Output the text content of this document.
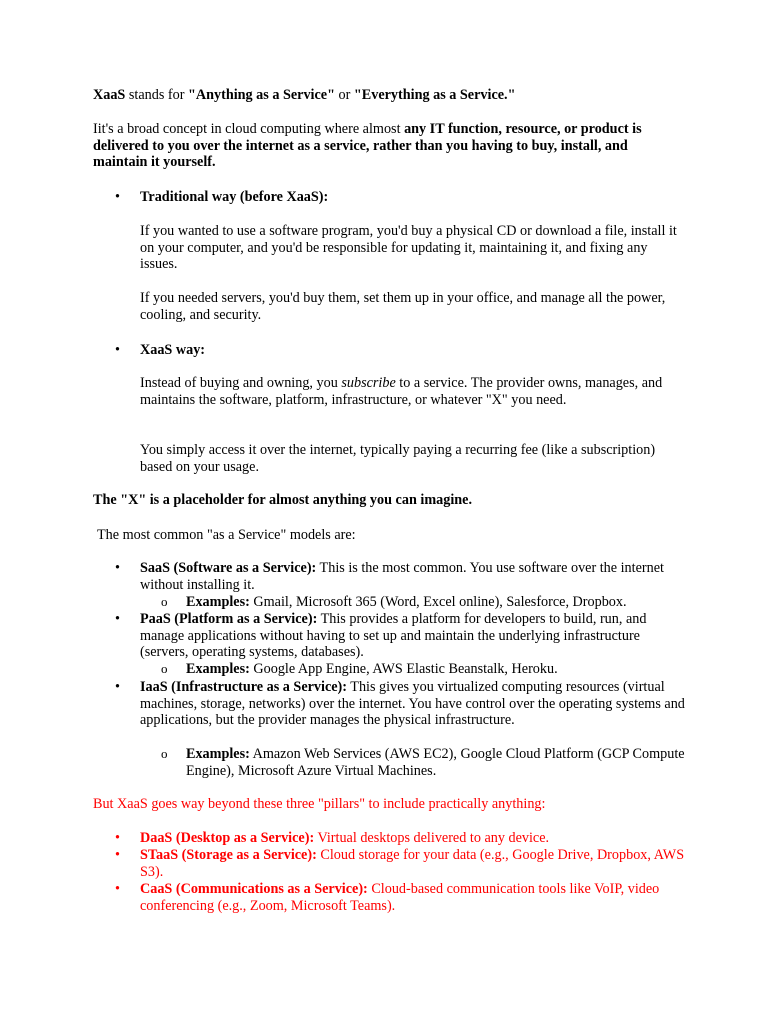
XaaS stands for "Anything as a Service" or "Everything as a Service."

Iit's a broad concept in cloud computing where almost any IT function, resource, or product is delivered to you over the internet as a service, rather than you having to buy, install, and maintain it yourself.

•	Traditional way (before XaaS):

If you wanted to use a software program, you'd buy a physical CD or download a file, install it on your computer, and you'd be responsible for updating it, maintaining it, and fixing any issues.

If you needed servers, you'd buy them, set them up in your office, and manage all the power, cooling, and security.

•	XaaS way:

Instead of buying and owning, you subscribe to a service. The provider owns, manages, and maintains the software, platform, infrastructure, or whatever "X" you need.

You simply access it over the internet, typically paying a recurring fee (like a subscription) based on your usage.

The "X" is a placeholder for almost anything you can imagine.

The most common "as a Service" models are:

•	SaaS (Software as a Service): This is the most common. You use software over the internet without installing it.

o	Examples: Gmail, Microsoft 365 (Word, Excel online), Salesforce, Dropbox.

•	PaaS (Platform as a Service): This provides a platform for developers to build, run, and manage applications without having to set up and maintain the underlying infrastructure (servers, operating systems, databases).

o	Examples: Google App Engine, AWS Elastic Beanstalk, Heroku.

•	IaaS (Infrastructure as a Service): This gives you virtualized computing resources (virtual machines, storage, networks) over the internet. You have control over the operating systems and applications, but the provider manages the physical infrastructure.

o	Examples: Amazon Web Services (AWS EC2), Google Cloud Platform (GCP Compute Engine), Microsoft Azure Virtual Machines.

But XaaS goes way beyond these three "pillars" to include practically anything:

•	DaaS (Desktop as a Service): Virtual desktops delivered to any device.

•	STaaS (Storage as a Service): Cloud storage for your data (e.g., Google Drive, Dropbox, AWS S3).

•	CaaS (Communications as a Service): Cloud-based communication tools like VoIP, video conferencing (e.g., Zoom, Microsoft Teams).
